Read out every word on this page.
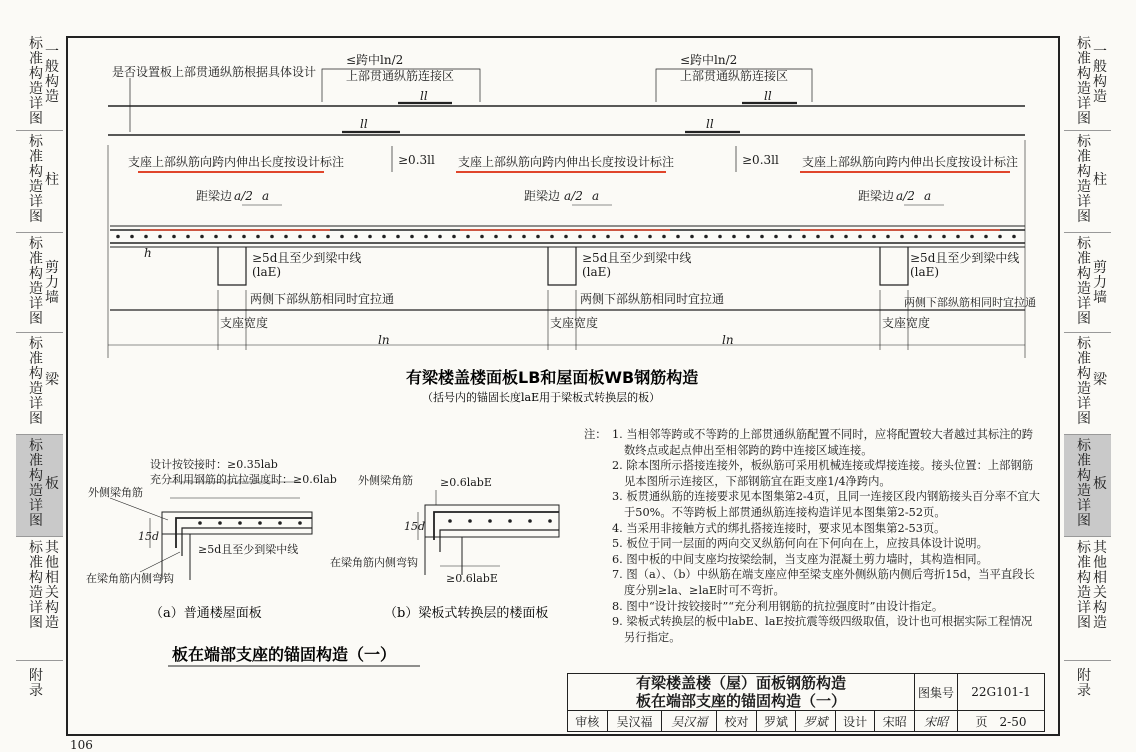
标准构造详图
一般构造
标准构造详图
柱
标准构造详图
剪力墙
标准构造详图
梁
标准构造详图
板
标准构造详图
其他相关构造
附录
标准构造详图
一般构造
标准构造详图
柱
标准构造详图
剪力墙
标准构造详图
梁
标准构造详图
板
标准构造详图
其他相关构造
附录
是否设置板上部贯通纵筋根据具体设计
≤跨中ln/2
上部贯通纵筋连接区
ll
≤跨中ln/2
上部贯通纵筋连接区
ll
ll	ll
支座上部纵筋向跨内伸出长度按设计标注	支座上部纵筋向跨内伸出长度按设计标注	支座上部纵筋向跨内伸出长度按设计标注
≥0.3ll	≥0.3ll
距梁边 a/2 a	距梁边 a/2 a	距梁边 a/2 a
h	≥5d且至少到梁中线
(laE)
≥5d且至少到梁中线
(laE)
≥5d且至少到梁中线
(laE)
两侧下部纵筋相同时宜拉通	两侧下部纵筋相同时宜拉通	两侧下部纵筋相同时宜拉通
支座宽度	支座宽度	支座宽度
ln	ln
有梁楼盖楼面板LB和屋面板WB钢筋构造
（括号内的锚固长度laE用于梁板式转换层的板）
设计按铰接时：≥0.35lab
充分利用钢筋的抗拉强度时：≥0.6lab
外侧梁角筋
15d
≥5d且至少到梁中线
在梁角筋内侧弯钩
（a）普通楼屋面板
外侧梁角筋 ≥0.6labE
15d
在梁角筋内侧弯钩
≥0.6labE
（b）梁板式转换层的楼面板
板在端部支座的锚固构造（一）
注： 1. 当相邻等跨或不等跨的上部贯通纵筋配置不同时，应将配置较大者越过其标注的跨数终点或起点伸出至相邻跨的跨中连接区域连接。
2. 除本图所示搭接连接外，板纵筋可采用机械连接或焊接连接。接头位置：上部钢筋见本图所示连接区，下部钢筋宜在距支座1/4净跨内。
3. 板贯通纵筋的连接要求见本图集第2-4页，且同一连接区段内钢筋接头百分率不宜大于50%。不等跨板上部贯通纵筋连接构造详见本图集第2-52页。
4. 当采用非接触方式的绑扎搭接连接时，要求见本图集第2-53页。
5. 板位于同一层面的两向交叉纵筋何向在下何向在上，应按具体设计说明。
6. 图中板的中间支座均按梁绘制，当支座为混凝土剪力墙时，其构造相同。
7. 图（a）、（b）中纵筋在端支座应伸至梁支座外侧纵筋内侧后弯折15d，当平直段长度分别≥la、≥laE时可不弯折。
8. 图中“设计按铰接时”“充分利用钢筋的抗拉强度时”由设计指定。
9. 梁板式转换层的板中labE、laE按抗震等级四级取值，设计也可根据实际工程情况另行指定。
有梁楼盖楼（屋）面板钢筋构造
板在端部支座的锚固构造（一）								图集号	22G101-1

审核	吴汉福	吴汉福	校对	罗斌	罗斌	设计	宋昭	宋昭	页　 2-50
106
